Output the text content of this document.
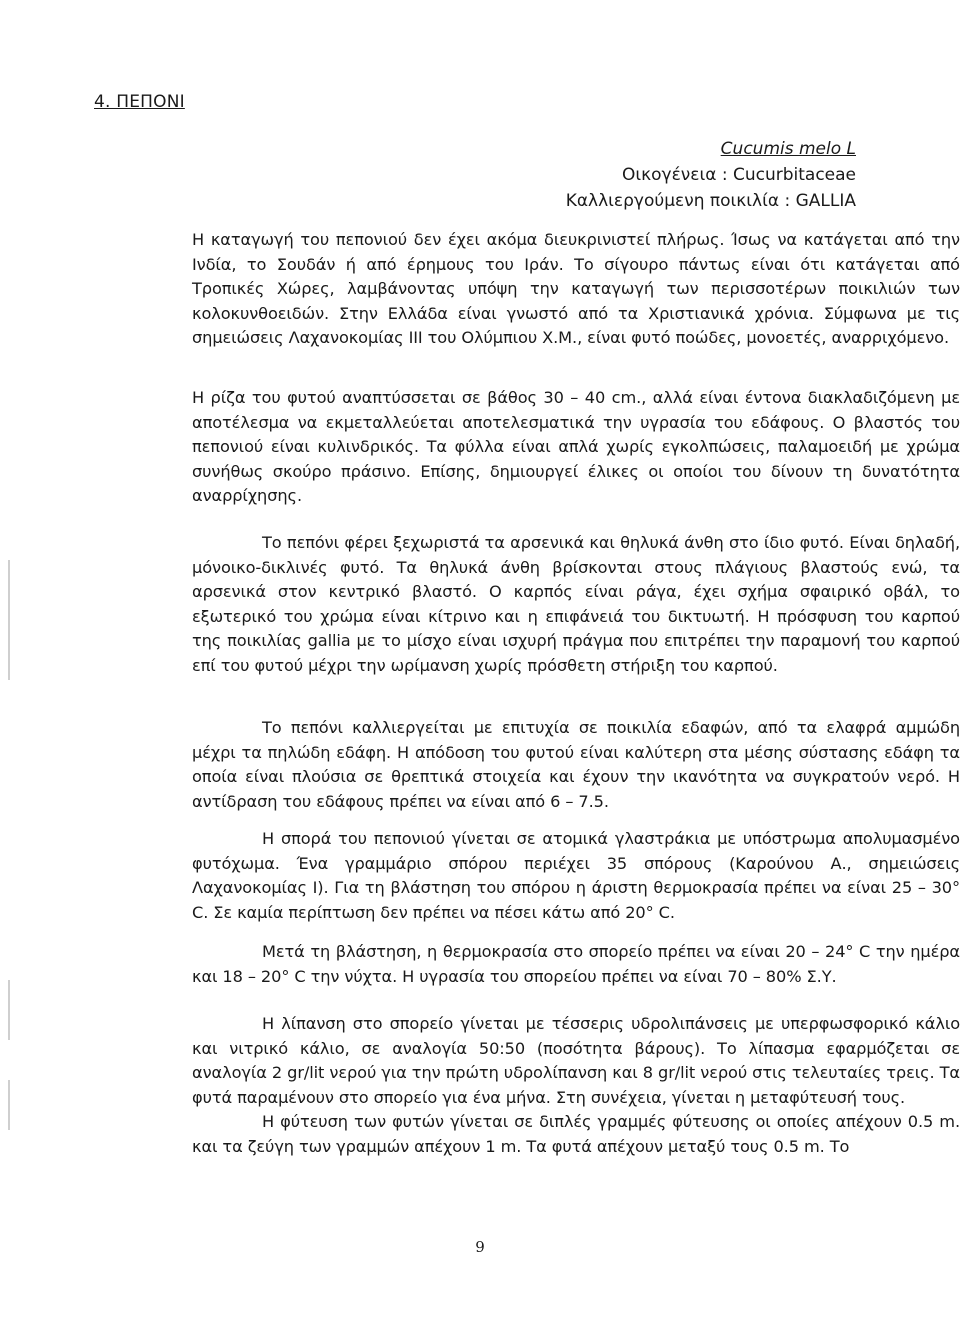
4. ΠΕΠΟΝΙ
Cucumis melo L
Οικογένεια : Cucurbitaceae
Καλλιεργούμενη ποικιλία : GALLIA

Η καταγωγή του πεπονιού δεν έχει ακόμα διευκρινιστεί πλήρως. Ίσως να κατάγεται από την Ινδία, το Σουδάν ή από έρημους του Ιράν. Το σίγουρο πάντως είναι ότι κατάγεται από Τροπικές Χώρες, λαμβάνοντας υπόψη την καταγωγή των περισσοτέρων ποικιλιών των κολοκυνθοειδών. Στην Ελλάδα είναι γνωστό από τα Χριστιανικά χρόνια. Σύμφωνα με τις σημειώσεις Λαχανοκομίας ΙΙΙ του Ολύμπιου Χ.Μ., είναι φυτό ποώδες, μονοετές, αναρριχόμενο.

Η ρίζα του φυτού αναπτύσσεται σε βάθος 30 – 40 cm., αλλά είναι έντονα διακλαδιζόμενη με αποτέλεσμα να εκμεταλλεύεται αποτελεσματικά την υγρασία του εδάφους. Ο βλαστός του πεπονιού είναι κυλινδρικός. Τα φύλλα είναι απλά χωρίς εγκολπώσεις, παλαμοειδή με χρώμα συνήθως σκούρο πράσινο. Επίσης, δημιουργεί έλικες οι οποίοι του δίνουν τη δυνατότητα αναρρίχησης.

Το πεπόνι φέρει ξεχωριστά τα αρσενικά και θηλυκά άνθη στο ίδιο φυτό. Είναι δηλαδή, μόνοικο-δικλινές φυτό. Τα θηλυκά άνθη βρίσκονται στους πλάγιους βλαστούς ενώ, τα αρσενικά στον κεντρικό βλαστό. Ο καρπός είναι ράγα, έχει σχήμα σφαιρικό οβάλ, το εξωτερικό του χρώμα είναι κίτρινο και η επιφάνειά του δικτυωτή. Η πρόσφυση του καρπού της ποικιλίας gallia με το μίσχο είναι ισχυρή πράγμα που επιτρέπει την παραμονή του καρπού επί του φυτού μέχρι την ωρίμανση χωρίς πρόσθετη στήριξη του καρπού.

Το πεπόνι καλλιεργείται με επιτυχία σε ποικιλία εδαφών, από τα ελαφρά αμμώδη μέχρι τα πηλώδη εδάφη. Η απόδοση του φυτού είναι καλύτερη στα μέσης σύστασης εδάφη τα οποία είναι πλούσια σε θρεπτικά στοιχεία και έχουν την ικανότητα να συγκρατούν νερό. Η αντίδραση του εδάφους πρέπει να είναι από 6 – 7.5.

Η σπορά του πεπονιού γίνεται σε ατομικά γλαστράκια με υπόστρωμα απολυμασμένο φυτόχωμα. Ένα γραμμάριο σπόρου περιέχει 35 σπόρους (Καρούνου Α., σημειώσεις Λαχανοκομίας Ι). Για τη βλάστηση του σπόρου η άριστη θερμοκρασία πρέπει να είναι 25 – 30° C. Σε καμία περίπτωση δεν πρέπει να πέσει κάτω από 20° C.

Μετά τη βλάστηση, η θερμοκρασία στο σπορείο πρέπει να είναι 20 – 24° C την ημέρα και 18 – 20° C την νύχτα. Η υγρασία του σπορείου πρέπει να είναι 70 – 80% Σ.Υ.

Η λίπανση στο σπορείο γίνεται με τέσσερις υδρολιπάνσεις με υπερφωσφορικό κάλιο και νιτρικό κάλιο, σε αναλογία 50:50 (ποσότητα βάρους). Το λίπασμα εφαρμόζεται σε αναλογία 2 gr/lit νερού για την πρώτη υδρολίπανση και 8 gr/lit νερού στις τελευταίες τρεις. Τα φυτά παραμένουν στο σπορείο για ένα μήνα. Στη συνέχεια, γίνεται η μεταφύτευσή τους.

Η φύτευση των φυτών γίνεται σε διπλές γραμμές φύτευσης οι οποίες απέχουν 0.5 m. και τα ζεύγη των γραμμών απέχουν 1 m. Τα φυτά απέχουν μεταξύ τους 0.5 m. Το

9
